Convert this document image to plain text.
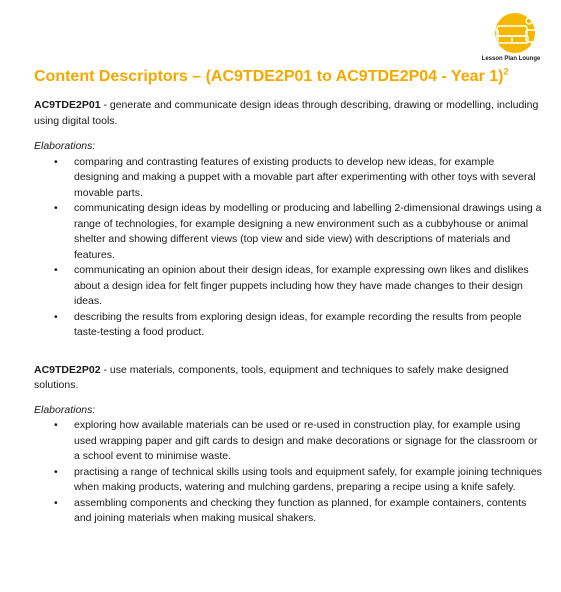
Lesson Plan Lounge
Content Descriptors – (AC9TDE2P01 to AC9TDE2P04 - Year 1)$^2$

AC9TDE2P01 - generate and communicate design ideas through describing, drawing or modelling, including using digital tools.

Elaborations:

• comparing and contrasting features of existing products to develop new ideas, for example designing and making a puppet with a movable part after experimenting with other toys with several movable parts.
• communicating design ideas by modelling or producing and labelling 2-dimensional drawings using a range of technologies, for example designing a new environment such as a cubbyhouse or animal shelter and showing different views (top view and side view) with descriptions of materials and features.
• communicating an opinion about their design ideas, for example expressing own likes and dislikes about a design idea for felt finger puppets including how they have made changes to their design ideas.
• describing the results from exploring design ideas, for example recording the results from people taste-testing a food product.

AC9TDE2P02 - use materials, components, tools, equipment and techniques to safely make designed solutions.

Elaborations:

• exploring how available materials can be used or re-used in construction play, for example using used wrapping paper and gift cards to design and make decorations or signage for the classroom or a school event to minimise waste.
• practising a range of technical skills using tools and equipment safely, for example joining techniques when making products, watering and mulching gardens, preparing a recipe using a knife safely.
• assembling components and checking they function as planned, for example containers, contents and joining materials when making musical shakers.
